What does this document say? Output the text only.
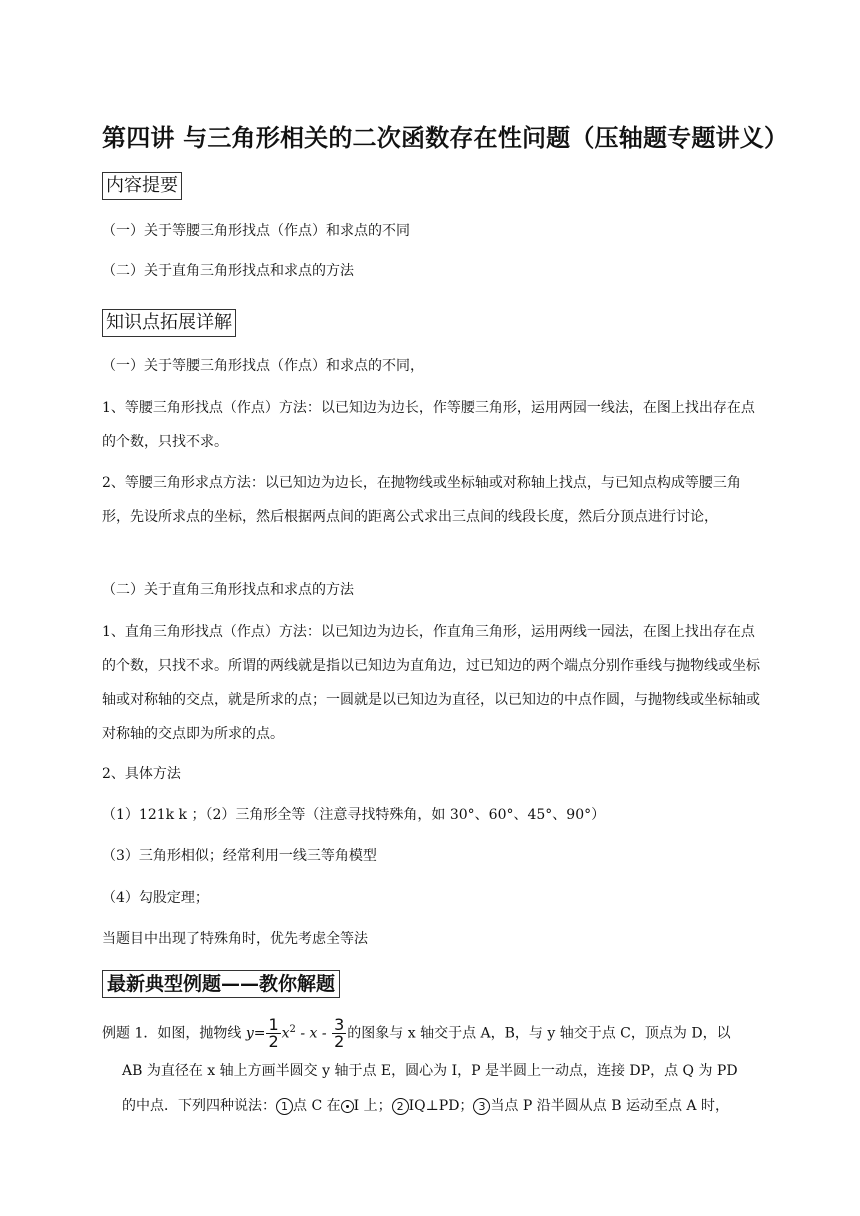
第四讲 与三角形相关的二次函数存在性问题（压轴题专题讲义）
内容提要
（一）关于等腰三角形找点（作点）和求点的不同
（二）关于直角三角形找点和求点的方法
知识点拓展详解
（一）关于等腰三角形找点（作点）和求点的不同，
1、等腰三角形找点（作点）方法：以已知边为边长，作等腰三角形，运用两园一线法，在图上找出存在点的个数，只找不求。
2、等腰三角形求点方法：以已知边为边长，在抛物线或坐标轴或对称轴上找点，与已知点构成等腰三角形，先设所求点的坐标，然后根据两点间的距离公式求出三点间的线段长度，然后分顶点进行讨论，
（二）关于直角三角形找点和求点的方法
1、直角三角形找点（作点）方法：以已知边为边长，作直角三角形，运用两线一园法，在图上找出存在点的个数，只找不求。所谓的两线就是指以已知边为直角边，过已知边的两个端点分别作垂线与抛物线或坐标轴或对称轴的交点，就是所求的点；一圆就是以已知边为直径，以已知边的中点作圆，与抛物线或坐标轴或对称轴的交点即为所求的点。
2、具体方法
（1）121k k ；（2）三角形全等（注意寻找特殊角，如 30°、60°、45°、90°）
（3）三角形相似；经常利用一线三等角模型
（4）勾股定理；
当题目中出现了特殊角时，优先考虑全等法
最新典型例题——教你解题
例题 1．如图，抛物线 $y= \frac{1}{2} x^2 - x - \frac{3}{2}$ 的图象与 x 轴交于点 A，B，与 y 轴交于点 C，顶点为 D，以
AB 为直径在 x 轴上方画半圆交 y 轴于点 E，圆心为 I，P 是半圆上一动点，连接 DP，点 Q 为 PD
的中点．下列四种说法： 1 点 C 在 I 上； 2 IQ⊥PD； 3 当点 P 沿半圆从点 B 运动至点 A 时，
